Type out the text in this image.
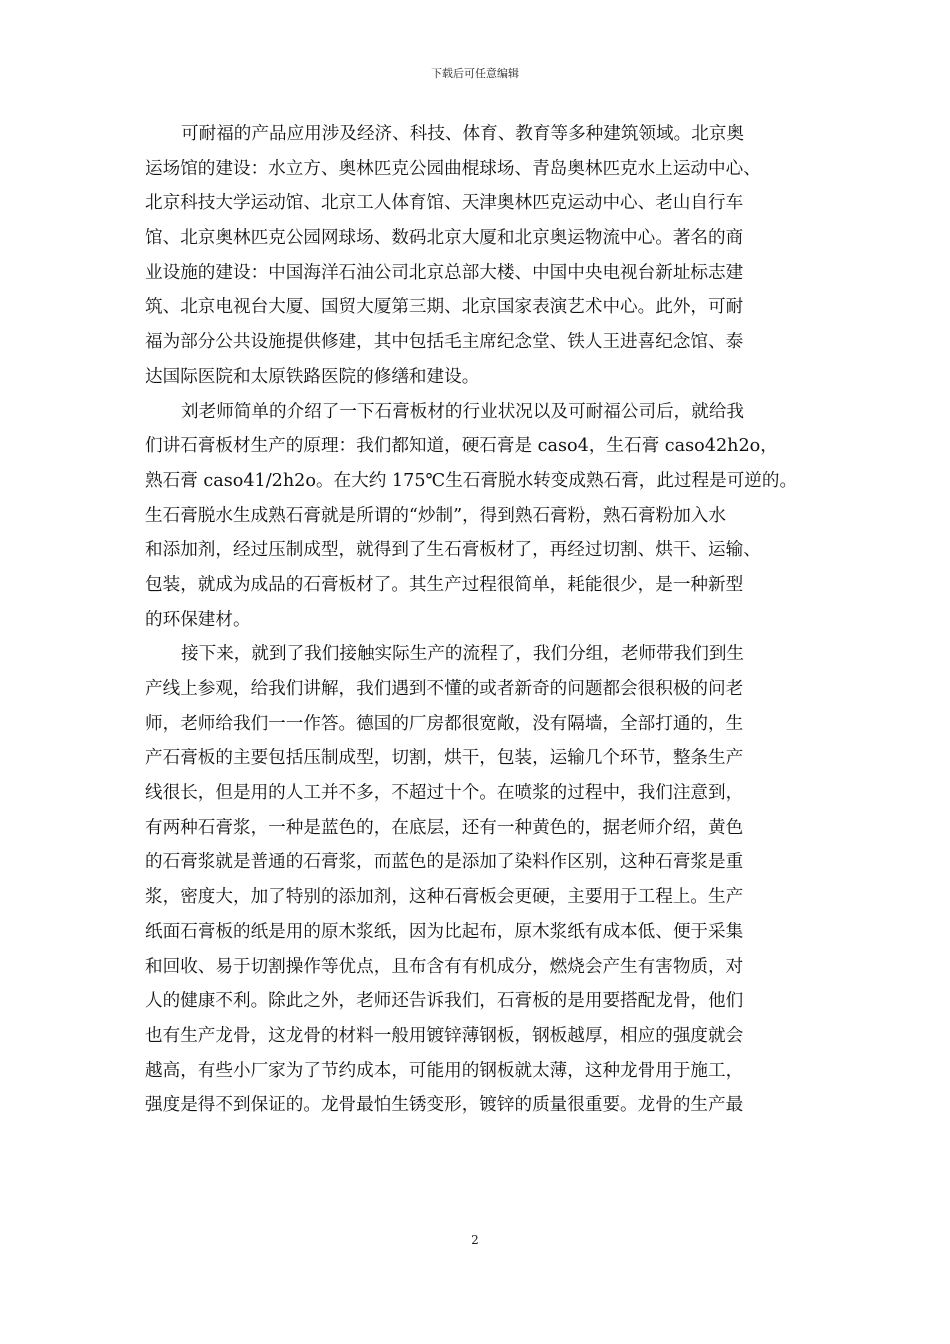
下载后可任意编辑
可耐福的产品应用涉及经济、科技、体育、教育等多种建筑领域。北京奥
运场馆的建设：水立方、奥林匹克公园曲棍球场、青岛奥林匹克水上运动中心、
北京科技大学运动馆、北京工人体育馆、天津奥林匹克运动中心、老山自行车
馆、北京奥林匹克公园网球场、数码北京大厦和北京奥运物流中心。著名的商
业设施的建设：中国海洋石油公司北京总部大楼、中国中央电视台新址标志建
筑、北京电视台大厦、国贸大厦第三期、北京国家表演艺术中心。此外，可耐
福为部分公共设施提供修建，其中包括毛主席纪念堂、铁人王进喜纪念馆、泰
达国际医院和太原铁路医院的修缮和建设。
刘老师简单的介绍了一下石膏板材的行业状况以及可耐福公司后，就给我
们讲石膏板材生产的原理：我们都知道，硬石膏是 caso4，生石膏 caso42h2o，
熟石膏 caso41/2h2o。在大约 175℃生石膏脱水转变成熟石膏，此过程是可逆的。
生石膏脱水生成熟石膏就是所谓的“炒制”，得到熟石膏粉，熟石膏粉加入水
和添加剂，经过压制成型，就得到了生石膏板材了，再经过切割、烘干、运输、
包装，就成为成品的石膏板材了。其生产过程很简单，耗能很少，是一种新型
的环保建材。
接下来，就到了我们接触实际生产的流程了，我们分组，老师带我们到生
产线上参观，给我们讲解，我们遇到不懂的或者新奇的问题都会很积极的问老
师，老师给我们一一作答。德国的厂房都很宽敞，没有隔墙，全部打通的，生
产石膏板的主要包括压制成型，切割，烘干，包装，运输几个环节，整条生产
线很长，但是用的人工并不多，不超过十个。在喷浆的过程中，我们注意到，
有两种石膏浆，一种是蓝色的，在底层，还有一种黄色的，据老师介绍，黄色
的石膏浆就是普通的石膏浆，而蓝色的是添加了染料作区别，这种石膏浆是重
浆，密度大，加了特别的添加剂，这种石膏板会更硬，主要用于工程上。生产
纸面石膏板的纸是用的原木浆纸，因为比起布，原木浆纸有成本低、便于采集
和回收、易于切割操作等优点，且布含有有机成分，燃烧会产生有害物质，对
人的健康不利。除此之外，老师还告诉我们，石膏板的是用要搭配龙骨，他们
也有生产龙骨，这龙骨的材料一般用镀锌薄钢板，钢板越厚，相应的强度就会
越高，有些小厂家为了节约成本，可能用的钢板就太薄，这种龙骨用于施工，
强度是得不到保证的。龙骨最怕生锈变形，镀锌的质量很重要。龙骨的生产最
2
